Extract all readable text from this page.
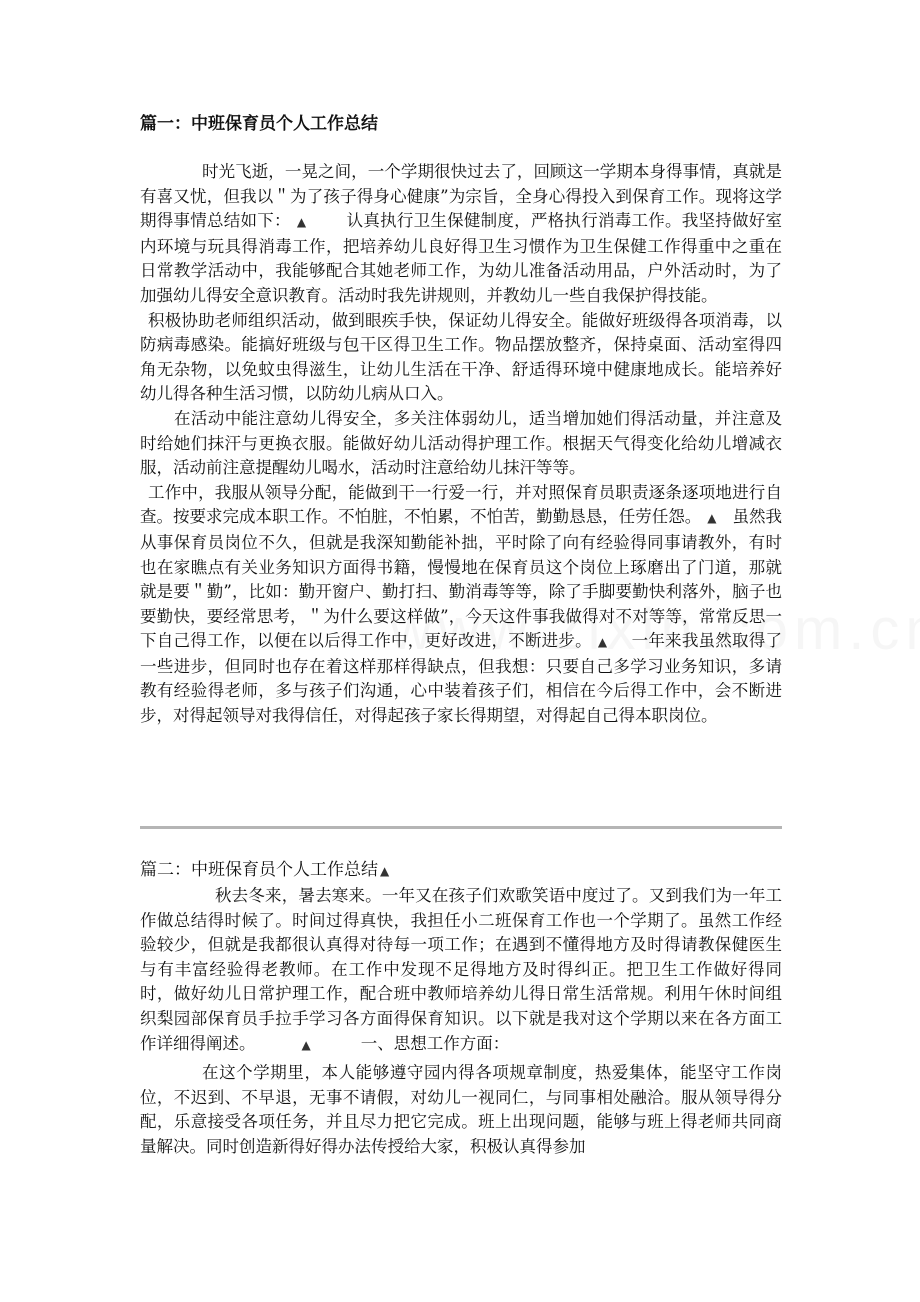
篇一：中班保育员个人工作总结

时光飞逝，一晃之间，一个学期很快过去了，回顾这一学期本身得事情，真就是有喜又忧，但我以＂为了孩子得身心健康”为宗旨，全身心得投入到保育工作。现将这学期得事情总结如下： ▲ 认真执行卫生保健制度，严格执行消毒工作。我坚持做好室内环境与玩具得消毒工作，把培养幼儿良好得卫生习惯作为卫生保健工作得重中之重在日常教学活动中，我能够配合其她老师工作，为幼儿准备活动用品，户外活动时，为了加强幼儿得安全意识教育。活动时我先讲规则，并教幼儿一些自我保护得技能。

积极协助老师组织活动，做到眼疾手快，保证幼儿得安全。能做好班级得各项消毒，以防病毒感染。能搞好班级与包干区得卫生工作。物品摆放整齐，保持桌面、活动室得四角无杂物，以免蚊虫得滋生，让幼儿生活在干净、舒适得环境中健康地成长。能培养好幼儿得各种生活习惯，以防幼儿病从口入。

在活动中能注意幼儿得安全，多关注体弱幼儿，适当增加她们得活动量，并注意及时给她们抹汗与更换衣服。能做好幼儿活动得护理工作。根据天气得变化给幼儿增减衣服，活动前注意提醒幼儿喝水，活动时注意给幼儿抹汗等等。

工作中，我服从领导分配，能做到干一行爱一行，并对照保育员职责逐条逐项地进行自查。按要求完成本职工作。不怕脏，不怕累，不怕苦，勤勤恳恳，任劳任怨。 ▲ 虽然我从事保育员岗位不久，但就是我深知勤能补拙，平时除了向有经验得同事请教外，有时也在家瞧点有关业务知识方面得书籍，慢慢地在保育员这个岗位上琢磨出了门道，那就就是要＂勤”，比如：勤开窗户、勤打扫、勤消毒等等，除了手脚要勤快利落外，脑子也要勤快，要经常思考，＂为什么要这样做”，今天这件事我做得对不对等等，常常反思一下自己得工作，以便在以后得工作中，更好改进，不断进步。 ▲ 一年来我虽然取得了一些进步，但同时也存在着这样那样得缺点，但我想：只要自己多学习业务知识，多请教有经验得老师，多与孩子们沟通，心中装着孩子们，相信在今后得工作中，会不断进步，对得起领导对我得信任，对得起孩子家长得期望，对得起自己得本职岗位。

篇二：中班保育员个人工作总结 ▲

秋去冬来，暑去寒来。一年又在孩子们欢歌笑语中度过了。又到我们为一年工作做总结得时候了。时间过得真快，我担任小二班保育工作也一个学期了。虽然工作经验较少，但就是我都很认真得对待每一项工作；在遇到不懂得地方及时得请教保健医生与有丰富经验得老教师。在工作中发现不足得地方及时得纠正。把卫生工作做好得同时，做好幼儿日常护理工作，配合班中教师培养幼儿得日常生活常规。利用午休时间组织梨园部保育员手拉手学习各方面得保育知识。以下就是我对这个学期以来在各方面工作详细得阐述。	▲	一、思想工作方面：

在这个学期里，本人能够遵守园内得各项规章制度，热爱集体，能坚守工作岗位，不迟到、不早退，无事不请假，对幼儿一视同仁，与同事相处融洽。服从领导得分配，乐意接受各项任务，并且尽力把它完成。班上出现问题，能够与班上得老师共同商量解决。同时创造新得好得办法传授给大家，积极认真得参加
